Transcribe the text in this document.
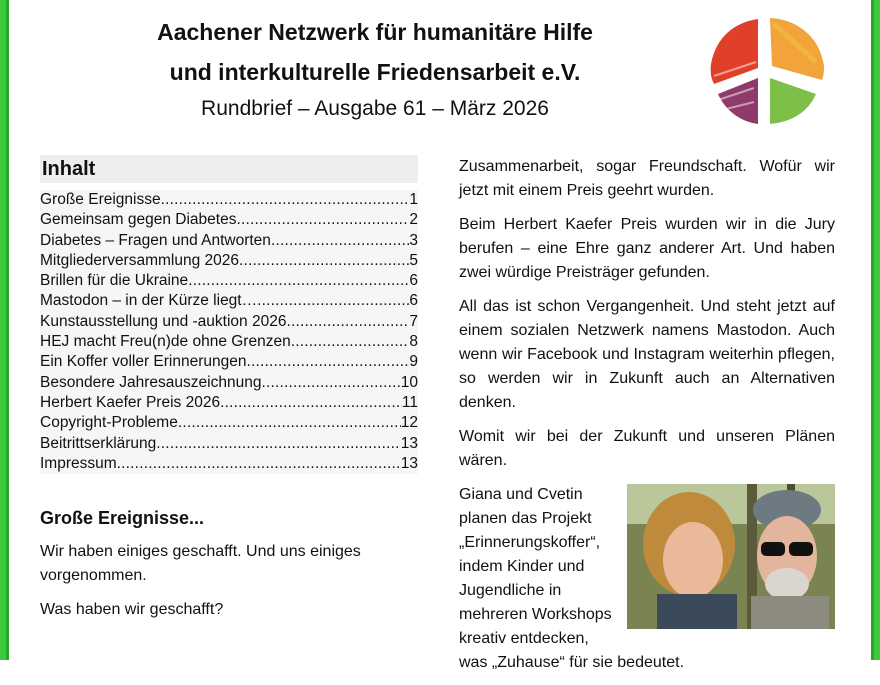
Aachener Netzwerk für humanitäre Hilfe
und interkulturelle Friedensarbeit e.V.
Rundbrief – Ausgabe 61 – März 2026
Inhalt
Große Ereignisse .....	1
Gemeinsam gegen Diabetes .....	2
Diabetes – Fragen und Antworten .....	3
Mitgliederversammlung 2026 .....	5
Brillen für die Ukraine .....	6
Mastodon – in der Kürze liegt… .....	6
Kunstausstellung und -auktion 2026 .....	7
HEJ macht Freu(n)de ohne Grenzen .....	8
Ein Koffer voller Erinnerungen .....	9
Besondere Jahresauszeichnung .....	10
Herbert Kaefer Preis 2026 .....	11
Copyright-Probleme .....	12
Beitrittserklärung .....	13
Impressum .....	13
Große Ereignisse...

Wir haben einiges geschafft. Und uns einiges vorgenommen.

Was haben wir geschafft?

Zusammenarbeit, sogar Freundschaft. Wofür wir jetzt mit einem Preis geehrt wurden.

Beim Herbert Kaefer Preis wurden wir in die Jury berufen – eine Ehre ganz anderer Art. Und haben zwei würdige Preisträger gefunden.

All das ist schon Vergangenheit. Und steht jetzt auf einem sozialen Netzwerk namens Mastodon. Auch wenn wir Facebook und Instagram weiterhin pflegen, so werden wir in Zukunft auch an Alternativen denken.

Womit wir bei der Zukunft und unseren Plänen wären.

Giana und Cvetin planen das Projekt „Erinnerungskoffer“, indem Kinder und Jugendliche in mehreren Workshops kreativ entdecken, was „Zuhause“ für sie bedeutet.
